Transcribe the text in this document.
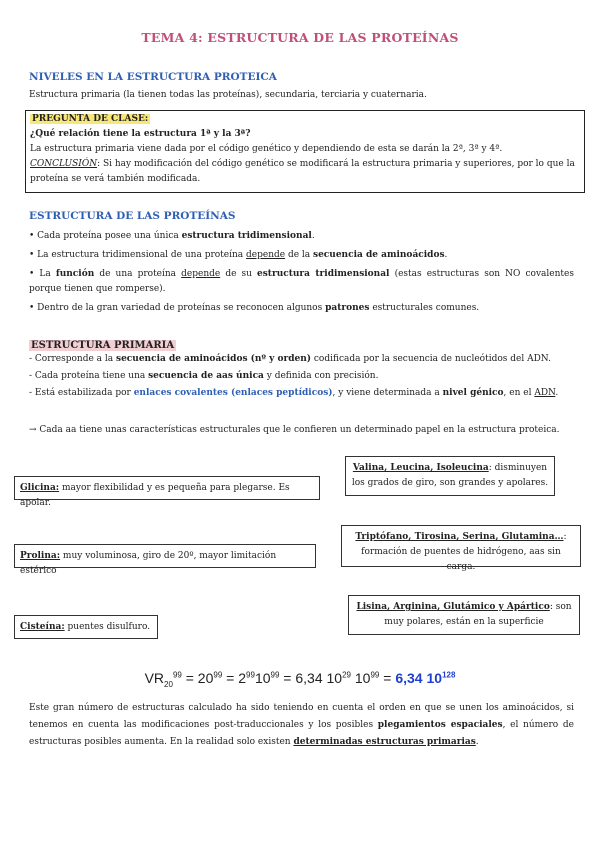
TEMA 4: ESTRUCTURA DE LAS PROTEÍNAS
NIVELES EN LA ESTRUCTURA PROTEICA
Estructura primaria (la tienen todas las proteínas), secundaria, terciaria y cuaternaria.
PREGUNTA DE CLASE:
¿Qué relación tiene la estructura 1ª y la 3ª?
La estructura primaria viene dada por el código genético y dependiendo de esta se darán la 2ª, 3ª y 4ª.
CONCLUSIÓN: Si hay modificación del código genético se modificará la estructura primaria y superiores, por lo que la proteína se verá también modificada.
ESTRUCTURA DE LAS PROTEÍNAS
• Cada proteína posee una única estructura tridimensional.
• La estructura tridimensional de una proteína depende de la secuencia de aminoácidos.
• La función de una proteína depende de su estructura tridimensional (estas estructuras son NO covalentes porque tienen que romperse).
• Dentro de la gran variedad de proteínas se reconocen algunos patrones estructurales comunes.
ESTRUCTURA PRIMARIA
- Corresponde a la secuencia de aminoácidos (nº y orden) codificada por la secuencia de nucleótidos del ADN.
- Cada proteína tiene una secuencia de aas única y definida con precisión.
- Está estabilizada por enlaces covalentes (enlaces peptídicos), y viene determinada a nivel génico, en el ADN.
→ Cada aa tiene unas características estructurales que le confieren un determinado papel en la estructura proteica.
Glicina: mayor flexibilidad y es pequeña para plegarse. Es apolar.
Valina, Leucina, Isoleucina: disminuyen los grados de giro, son grandes y apolares.
Triptófano, Tirosina, Serina, Glutamina…: formación de puentes de hidrógeno, aas sin carga.
Prolina: muy voluminosa, giro de 20º, mayor limitación estérico
Lisina, Arginina, Glutámico y Apártico: son muy polares, están en la superficie
Cisteína: puentes disulfuro.
$VR_{20}^{99} = 20^{99} = 2^{99}10^{99} = 6,34$ $10^{29}$ $10^{99} = 6,34$ $10^{128}$
Este gran número de estructuras calculado ha sido teniendo en cuenta el orden en que se unen los aminoácidos, si tenemos en cuenta las modificaciones post-traduccionales y los posibles plegamientos espaciales, el número de estructuras posibles aumenta. En la realidad solo existen determinadas estructuras primarias.
